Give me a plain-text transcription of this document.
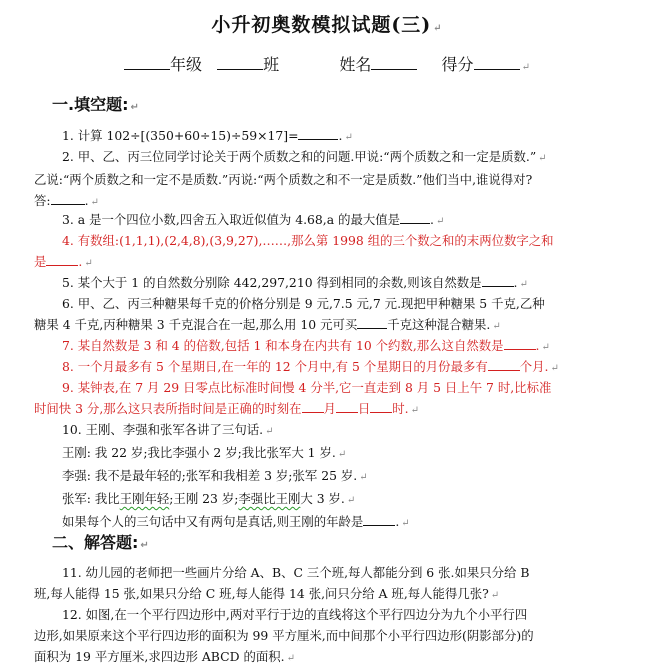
小升初奥数模拟试题(三) ↵
年级	班	姓名	得分	↵
一.填空题: ↵
1. 计算 102÷[(350+60÷15)÷59×17]=	. ↵
2. 甲、乙、丙三位同学讨论关于两个质数之和的问题.甲说:“两个质数之和一定是质数.” ↵
乙说:“两个质数之和一定不是质数.”丙说:“两个质数之和不一定是质数.”他们当中,谁说得对?
答:	. ↵
3. a 是一个四位小数,四舍五入取近似值为 4.68,a 的最大值是 . ↵
4. 有数组:(1,1,1),(2,4,8),(3,9,27),……,那么第 1998 组的三个数之和的末两位数字之和
是	. ↵
5. 某个大于 1 的自然数分别除 442,297,210 得到相同的余数,则该自然数是	. ↵
6. 甲、乙、丙三种糖果每千克的价格分别是 9 元,7.5 元,7 元.现把甲种糖果 5 千克,乙种
糖果 4 千克,丙种糖果 3 千克混合在一起,那么用 10 元可买 千克这种混合糖果. ↵
7. 某自然数是 3 和 4 的倍数,包括 1 和本身在内共有 10 个约数,那么这自然数是	. ↵
8. 一个月最多有 5 个星期日,在一年的 12 个月中,有 5 个星期日的月份最多有	个月. ↵
9. 某钟表,在 7 月 29 日零点比标准时间慢 4 分半,它一直走到 8 月 5 日上午 7 时,比标准
时间快 3 分,那么这只表所指时间是正确的时刻在 月 日 时. ↵
10. 王刚、李强和张军各讲了三句话. ↵
王刚: 我 22 岁;我比李强小 2 岁;我比张军大 1 岁. ↵
李强: 我不是最年轻的;张军和我相差 3 岁;张军 25 岁. ↵
张军: 我比王刚年轻;王刚 23 岁;李强比王刚大 3 岁. ↵
如果每个人的三句话中又有两句是真话,则王刚的年龄是	. ↵
二、解答题: ↵
11. 幼儿园的老师把一些画片分给 A、B、C 三个班,每人都能分到 6 张.如果只分给 B
班,每人能得 15 张,如果只分给 C 班,每人能得 14 张,问只分给 A 班,每人能得几张? ↵
12. 如图,在一个平行四边形中,两对平行于边的直线将这个平行四边分为九个小平行四
边形,如果原来这个平行四边形的面积为 99 平方厘米,而中间那个小平行四边形(阴影部分)的
面积为 19 平方厘米,求四边形 ABCD 的面积. ↵
